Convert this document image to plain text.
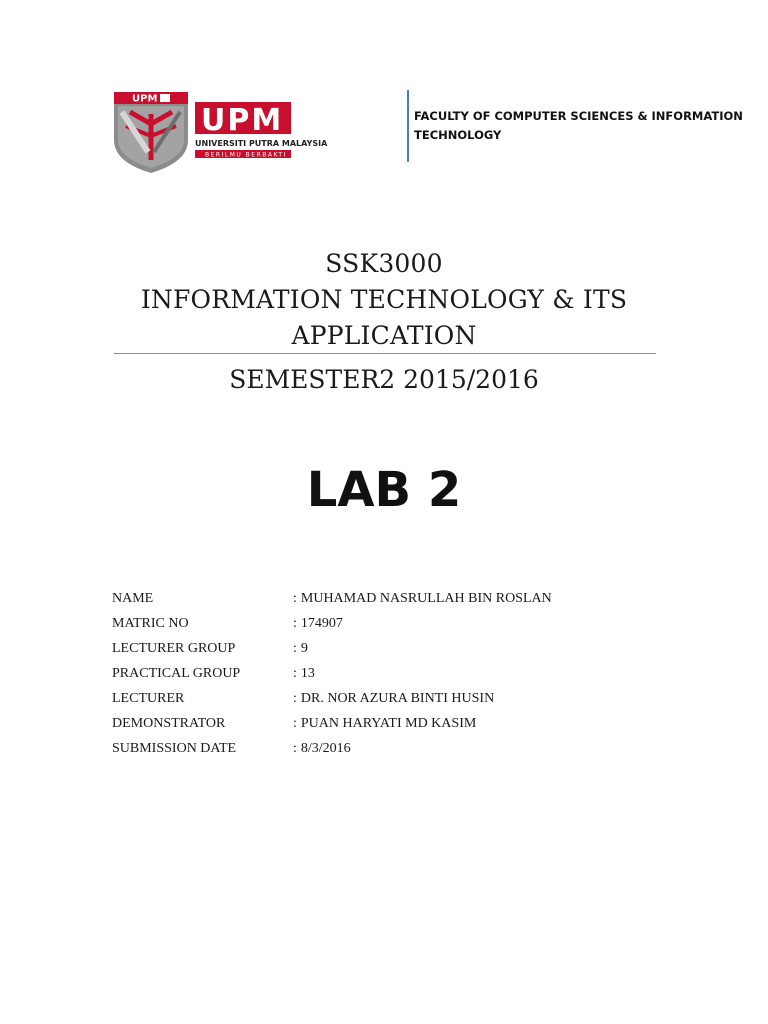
UPM
UPM
UNIVERSITI PUTRA MALAYSIA
BERILMU BERBAKTI
FACULTY OF COMPUTER SCIENCES & INFORMATION
TECHNOLOGY
SSK3000
INFORMATION TECHNOLOGY & ITS
APPLICATION
SEMESTER2 2015/2016
LAB 2
NAME	: MUHAMAD NASRULLAH BIN ROSLAN
MATRIC NO	: 174907
LECTURER GROUP	: 9
PRACTICAL GROUP	: 13
LECTURER	: DR. NOR AZURA BINTI HUSIN
DEMONSTRATOR	: PUAN HARYATI MD KASIM
SUBMISSION DATE	: 8/3/2016
